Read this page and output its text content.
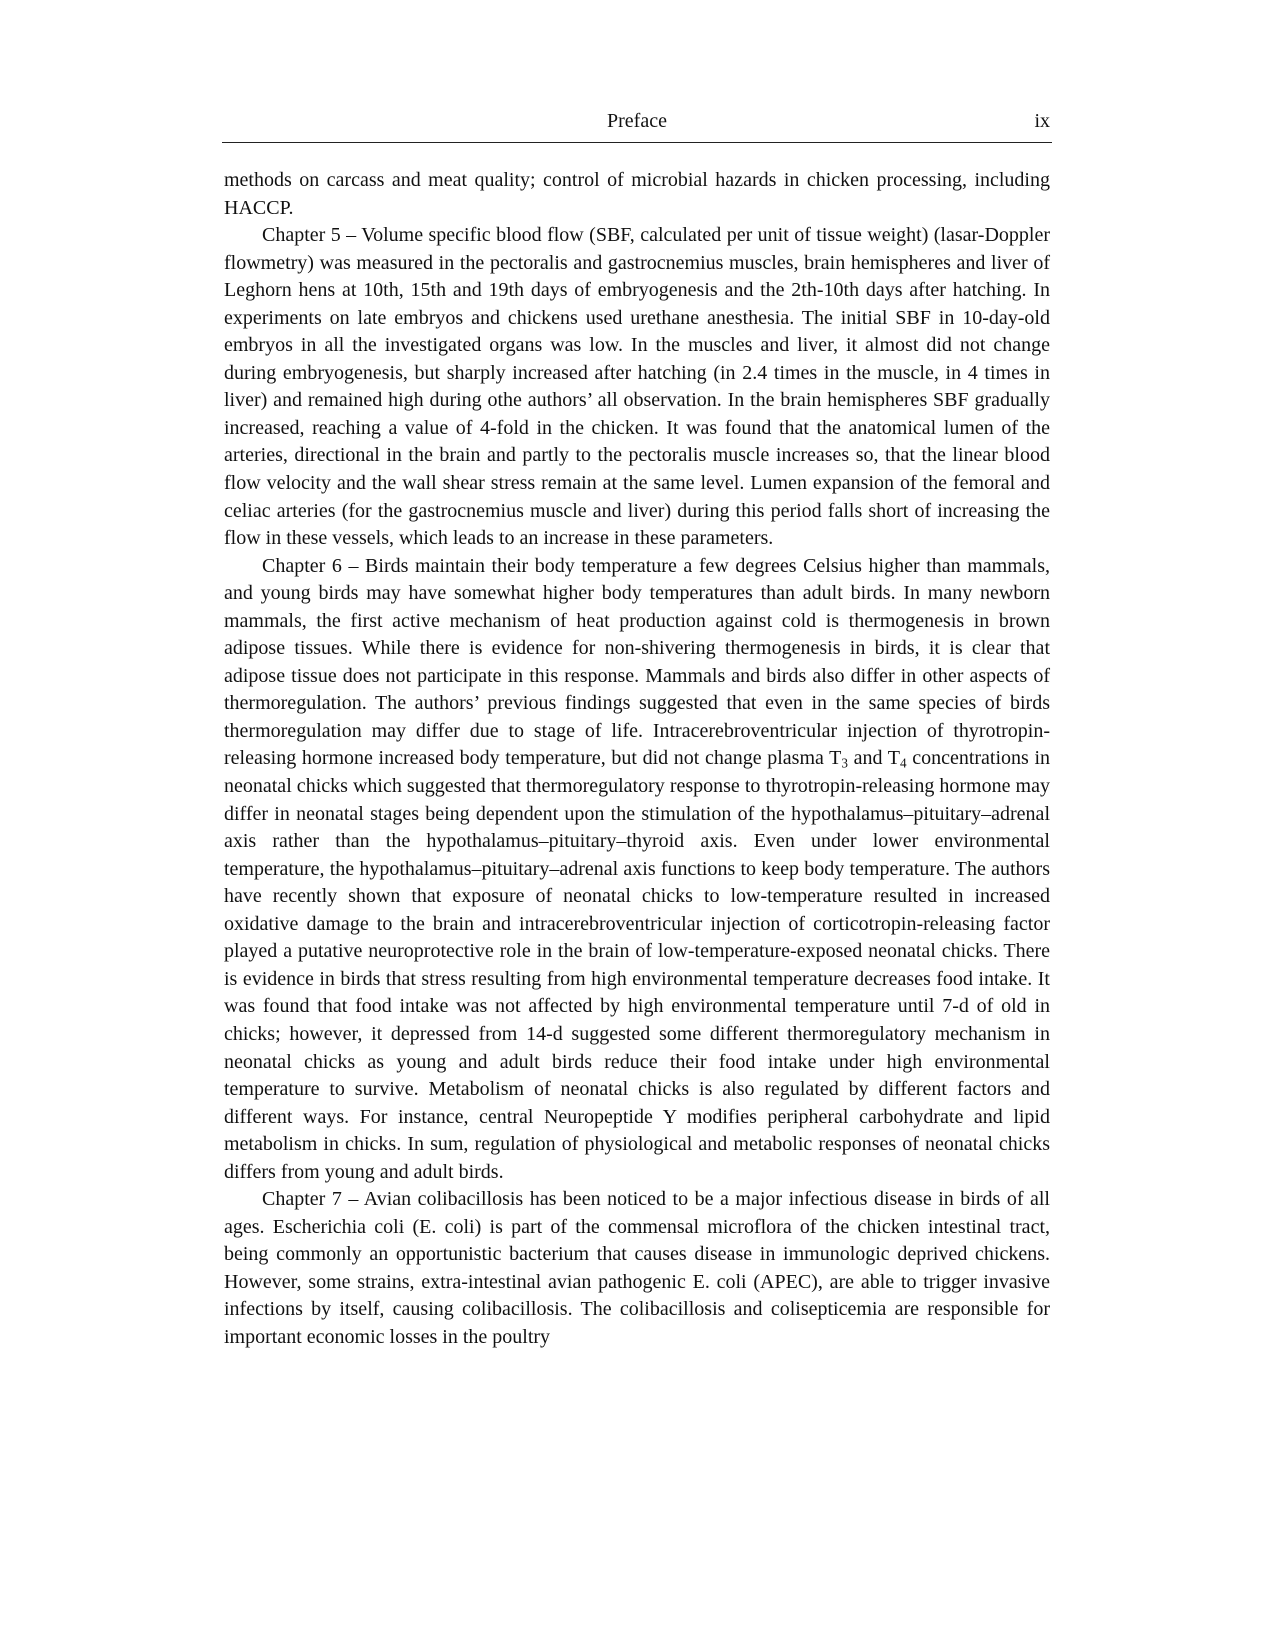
Preface	ix

methods on carcass and meat quality; control of microbial hazards in chicken processing, including HACCP.

Chapter 5 – Volume specific blood flow (SBF, calculated per unit of tissue weight) (lasar-Doppler flowmetry) was measured in the pectoralis and gastrocnemius muscles, brain hemispheres and liver of Leghorn hens at 10th, 15th and 19th days of embryogenesis and the 2th-10th days after hatching. In experiments on late embryos and chickens used urethane anesthesia. The initial SBF in 10-day-old embryos in all the investigated organs was low. In the muscles and liver, it almost did not change during embryogenesis, but sharply increased after hatching (in 2.4 times in the muscle, in 4 times in liver) and remained high during othe authors’ all observation. In the brain hemispheres SBF gradually increased, reaching a value of 4-fold in the chicken. It was found that the anatomical lumen of the arteries, directional in the brain and partly to the pectoralis muscle increases so, that the linear blood flow velocity and the wall shear stress remain at the same level. Lumen expansion of the femoral and celiac arteries (for the gastrocnemius muscle and liver) during this period falls short of increasing the flow in these vessels, which leads to an increase in these parameters.

Chapter 6 – Birds maintain their body temperature a few degrees Celsius higher than mammals, and young birds may have somewhat higher body temperatures than adult birds. In many newborn mammals, the first active mechanism of heat production against cold is thermogenesis in brown adipose tissues. While there is evidence for non-shivering thermogenesis in birds, it is clear that adipose tissue does not participate in this response. Mammals and birds also differ in other aspects of thermoregulation. The authors’ previous findings suggested that even in the same species of birds thermoregulation may differ due to stage of life. Intracerebroventricular injection of thyrotropin-releasing hormone increased body temperature, but did not change plasma $T_3$ and $T_4$ concentrations in neonatal chicks which suggested that thermoregulatory response to thyrotropin-releasing hormone may differ in neonatal stages being dependent upon the stimulation of the hypothalamus–pituitary–adrenal axis rather than the hypothalamus–pituitary–thyroid axis. Even under lower environmental temperature, the hypothalamus–pituitary–adrenal axis functions to keep body temperature. The authors have recently shown that exposure of neonatal chicks to low-temperature resulted in increased oxidative damage to the brain and intracerebroventricular injection of corticotropin-releasing factor played a putative neuroprotective role in the brain of low-temperature-exposed neonatal chicks. There is evidence in birds that stress resulting from high environmental temperature decreases food intake. It was found that food intake was not affected by high environmental temperature until 7-d of old in chicks; however, it depressed from 14-d suggested some different thermoregulatory mechanism in neonatal chicks as young and adult birds reduce their food intake under high environmental temperature to survive. Metabolism of neonatal chicks is also regulated by different factors and different ways. For instance, central Neuropeptide Y modifies peripheral carbohydrate and lipid metabolism in chicks. In sum, regulation of physiological and metabolic responses of neonatal chicks differs from young and adult birds.

Chapter 7 – Avian colibacillosis has been noticed to be a major infectious disease in birds of all ages. Escherichia coli (E. coli) is part of the commensal microflora of the chicken intestinal tract, being commonly an opportunistic bacterium that causes disease in immunologic deprived chickens. However, some strains, extra-intestinal avian pathogenic E. coli (APEC), are able to trigger invasive infections by itself, causing colibacillosis. The colibacillosis and colisepticemia are responsible for important economic losses in the poultry
